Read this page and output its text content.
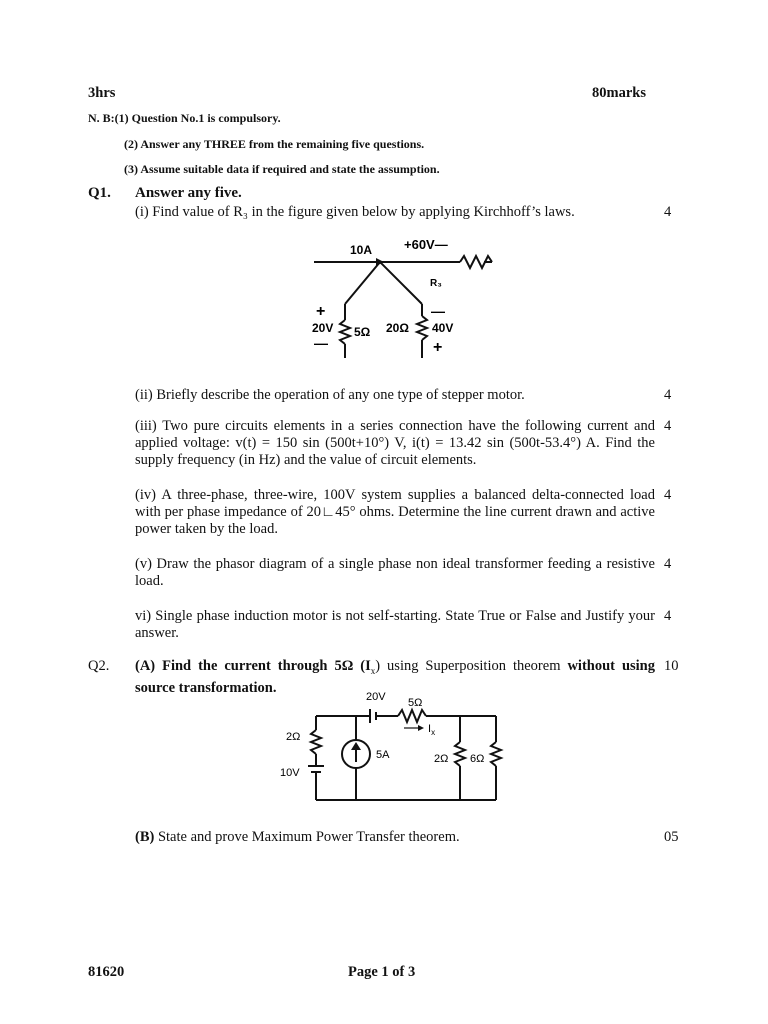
3hrs	80marks
N. B:(1) Question No.1 is compulsory.
(2) Answer any THREE from the remaining five questions.
(3) Assume suitable data if required and state the assumption.
Q1. Answer any five.
(i) Find value of R₃ in the figure given below by applying Kirchhoff’s laws.	4
10A +60V—
R₃
+
20V
—
5Ω 20Ω
—
40V
+
(ii) Briefly describe the operation of any one type of stepper motor.	4
(iii) Two pure circuits elements in a series connection have the following current and applied voltage: v(t) = 150 sin (500t+10°) V, i(t) = 13.42 sin (500t-53.4°) A. Find the supply frequency (in Hz) and the value of circuit elements.
4
(iv) A three-phase, three-wire, 100V system supplies a balanced delta-connected load with per phase impedance of 20∟45° ohms. Determine the line current drawn and active power taken by the load.
4
(v) Draw the phasor diagram of a single phase non ideal transformer feeding a resistive load.
4
vi) Single phase induction motor is not self-starting. State True or False and Justify your answer.
4
Q2. (A) Find the current through 5Ω $(I_x)$ using Superposition theorem without using source transformation.
10
20V 5Ω
$I_x$
2Ω
10V
5A	2Ω 6Ω
(B) State and prove Maximum Power Transfer theorem.	05
81620	Page 1 of 3
